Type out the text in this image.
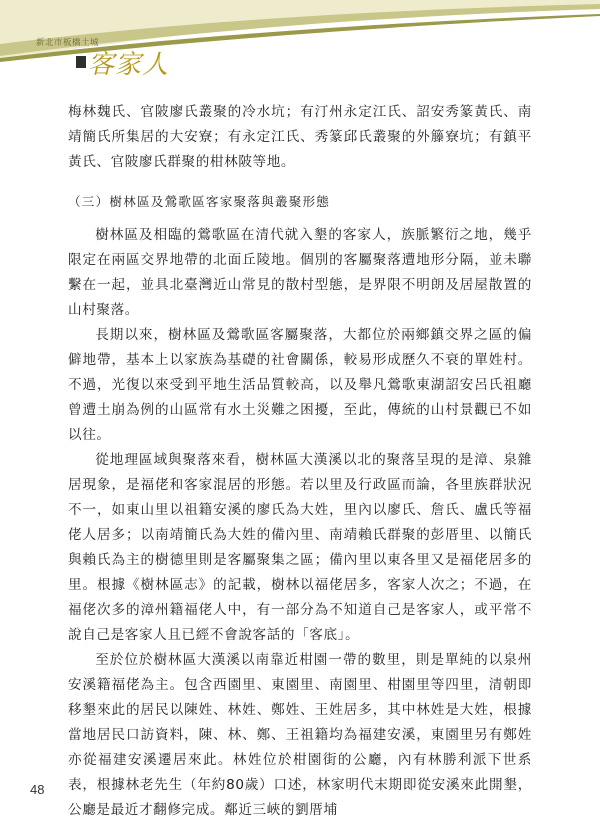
新北市板橋土城
客家人

梅林魏氏、官陂廖氏叢聚的冷水坑；有汀州永定江氏、詔安秀篆黃氏、南靖簡氏所集居的大安寮；有永定江氏、秀篆邱氏叢聚的外籐寮坑；有鎮平黃氏、官陂廖氏群聚的柑林陂等地。

（三）樹林區及鶯歌區客家聚落與叢聚形態

樹林區及相臨的鶯歌區在清代就入墾的客家人，族脈繁衍之地，幾乎限定在兩區交界地帶的北面丘陵地。個別的客屬聚落遭地形分隔，並未聯繫在一起，並具北臺灣近山常見的散村型態，是界限不明朗及居屋散置的山村聚落。

長期以來，樹林區及鶯歌區客屬聚落，大都位於兩鄉鎮交界之區的偏僻地帶，基本上以家族為基礎的社會關係，較易形成歷久不衰的單姓村。不過，光復以來受到平地生活品質較高，以及舉凡鶯歌東湖詔安呂氏祖廳曾遭土崩為例的山區常有水土災難之困擾，至此，傳統的山村景觀已不如以往。

從地理區域與聚落來看，樹林區大漢溪以北的聚落呈現的是漳、泉雜居現象，是福佬和客家混居的形態。若以里及行政區而論，各里族群狀況不一，如東山里以祖籍安溪的廖氏為大姓，里內以廖氏、詹氏、盧氏等福佬人居多；以南靖簡氏為大姓的備內里、南靖賴氏群聚的彭厝里、以簡氏與賴氏為主的樹德里則是客屬聚集之區；備內里以東各里又是福佬居多的里。根據《樹林區志》的記載，樹林以福佬居多，客家人次之；不過，在福佬次多的漳州籍福佬人中，有一部分為不知道自己是客家人，或平常不說自己是客家人且已經不會說客話的「客底」。

至於位於樹林區大漢溪以南靠近柑園一帶的數里，則是單純的以泉州安溪籍福佬為主。包含西園里、東園里、南園里、柑園里等四里，清朝即移墾來此的居民以陳姓、林姓、鄭姓、王姓居多，其中林姓是大姓，根據當地居民口訪資料，陳、林、鄭、王祖籍均為福建安溪，東園里另有鄭姓亦從福建安溪遷居來此。林姓位於柑園街的公廳，內有林勝利派下世系表，根據林老先生（年約80歲）口述，林家明代末期即從安溪來此開墾，公廳是最近才翻修完成。鄰近三峽的劉厝埔

48
